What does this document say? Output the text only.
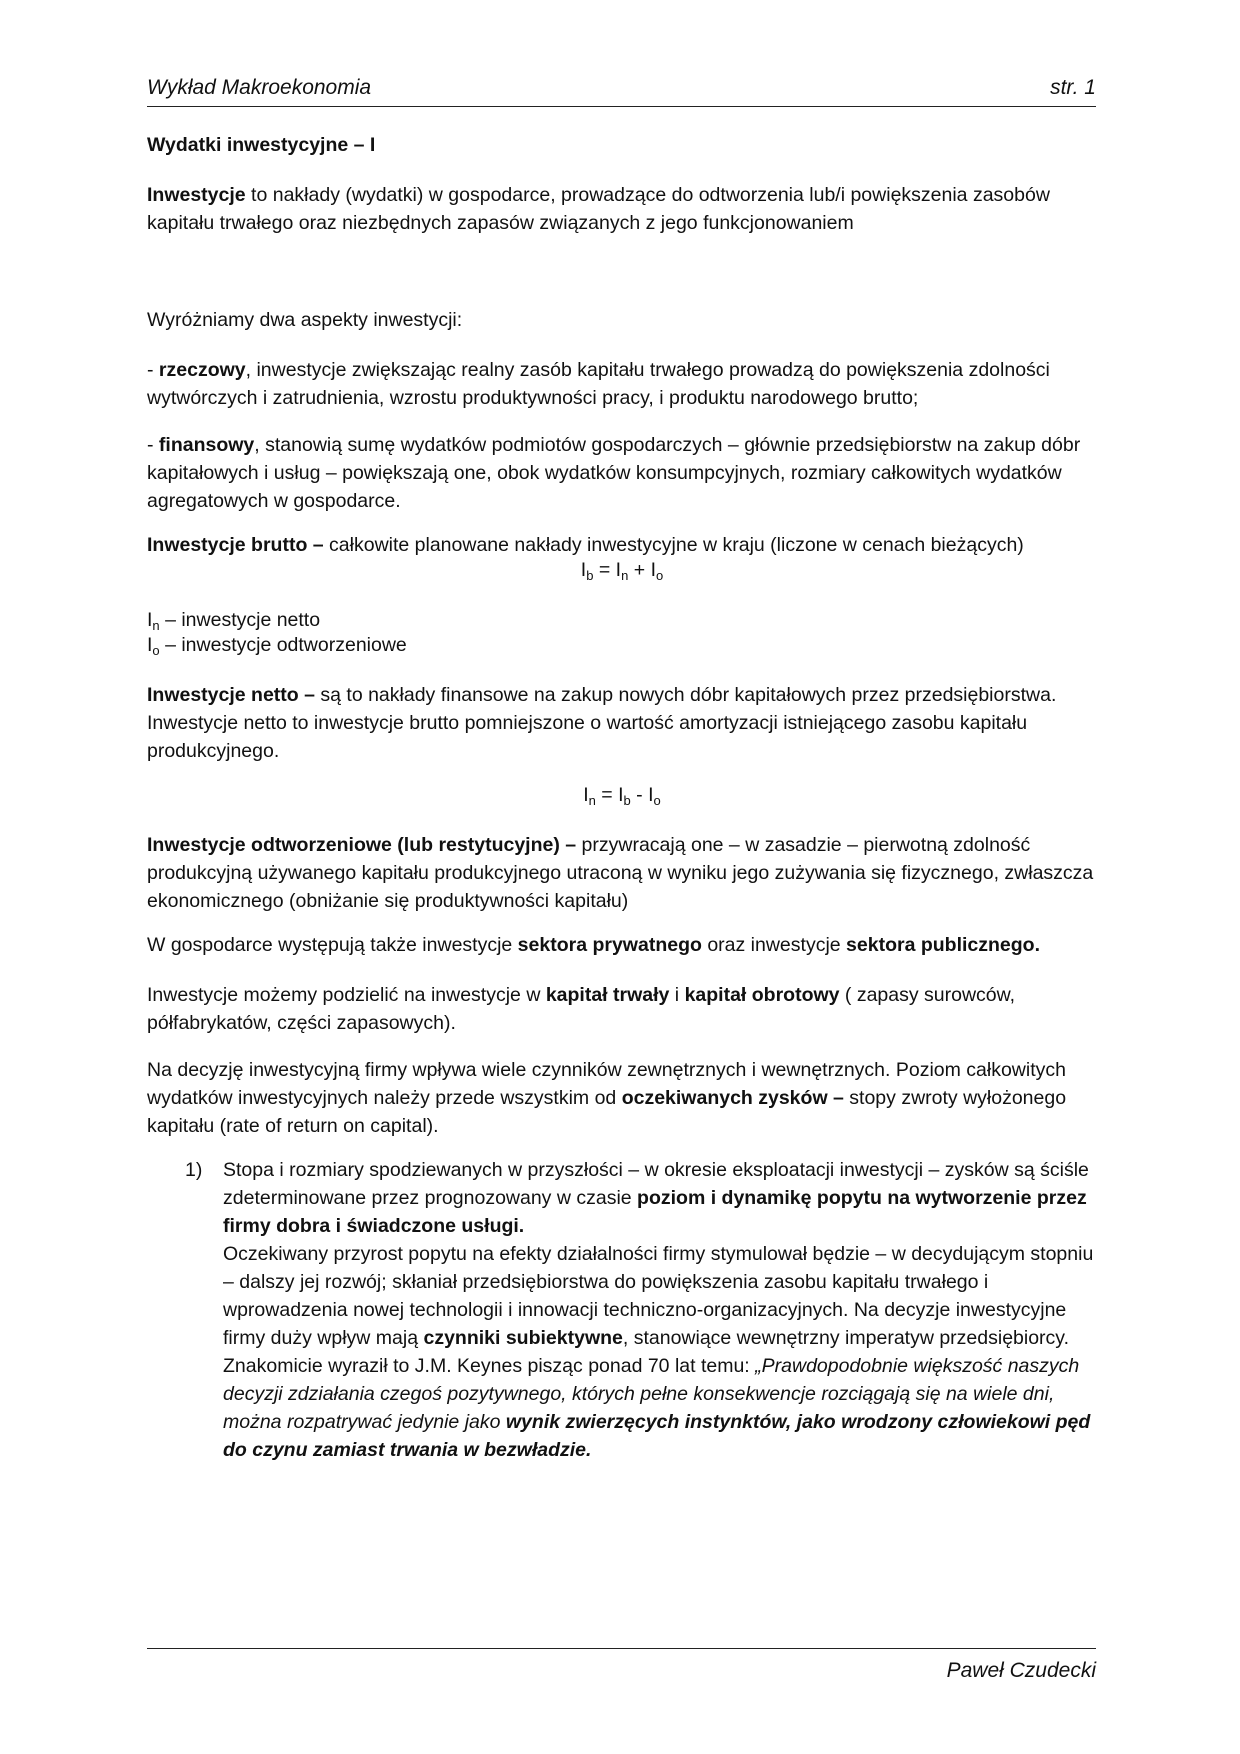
Wykład Makroekonomia	str. 1

Wydatki inwestycyjne – I

Inwestycje to nakłady (wydatki) w gospodarce, prowadzące do odtworzenia lub/i powiększenia zasobów kapitału trwałego oraz niezbędnych zapasów związanych z jego funkcjonowaniem

Wyróżniamy dwa aspekty inwestycji:

- rzeczowy, inwestycje zwiększając realny zasób kapitału trwałego prowadzą do powiększenia zdolności wytwórczych i zatrudnienia, wzrostu produktywności pracy, i produktu narodowego brutto;

- finansowy, stanowią sumę wydatków podmiotów gospodarczych – głównie przedsiębiorstw na zakup dóbr kapitałowych i usług – powiększają one, obok wydatków konsumpcyjnych, rozmiary całkowitych wydatków agregatowych w gospodarce.

Inwestycje brutto – całkowite planowane nakłady inwestycyjne w kraju (liczone w cenach bieżących)

$I_b = I_n + I_o$

$I_n$ – inwestycje netto

$I_o$ – inwestycje odtworzeniowe

Inwestycje netto – są to nakłady finansowe na zakup nowych dóbr kapitałowych przez przedsiębiorstwa. Inwestycje netto to inwestycje brutto pomniejszone o wartość amortyzacji istniejącego zasobu kapitału produkcyjnego.

$I_n = I_b - I_o$

Inwestycje odtworzeniowe (lub restytucyjne) – przywracają one – w zasadzie – pierwotną zdolność produkcyjną używanego kapitału produkcyjnego utraconą w wyniku jego zużywania się fizycznego, zwłaszcza ekonomicznego (obniżanie się produktywności kapitału)

W gospodarce występują także inwestycje sektora prywatnego oraz inwestycje sektora publicznego.

Inwestycje możemy podzielić na inwestycje w kapitał trwały i kapitał obrotowy ( zapasy surowców, półfabrykatów, części zapasowych).

Na decyzję inwestycyjną firmy wpływa wiele czynników zewnętrznych i wewnętrznych. Poziom całkowitych wydatków inwestycyjnych należy przede wszystkim od oczekiwanych zysków – stopy zwroty wyłożonego kapitału (rate of return on capital).

1) Stopa i rozmiary spodziewanych w przyszłości – w okresie eksploatacji inwestycji – zysków są ściśle zdeterminowane przez prognozowany w czasie poziom i dynamikę popytu na wytworzenie przez firmy dobra i świadczone usługi.

Oczekiwany przyrost popytu na efekty działalności firmy stymulował będzie – w decydującym stopniu – dalszy jej rozwój; skłaniał przedsiębiorstwa do powiększenia zasobu kapitału trwałego i wprowadzenia nowej technologii i innowacji techniczno-organizacyjnych. Na decyzje inwestycyjne firmy duży wpływ mają czynniki subiektywne, stanowiące wewnętrzny imperatyw przedsiębiorcy. Znakomicie wyraził to J.M. Keynes pisząc ponad 70 lat temu: „Prawdopodobnie większość naszych decyzji zdziałania czegoś pozytywnego, których pełne konsekwencje rozciągają się na wiele dni, można rozpatrywać jedynie jako wynik zwierzęcych instynktów, jako wrodzony człowiekowi pęd do czynu zamiast trwania w bezwładzie.

Paweł Czudecki
